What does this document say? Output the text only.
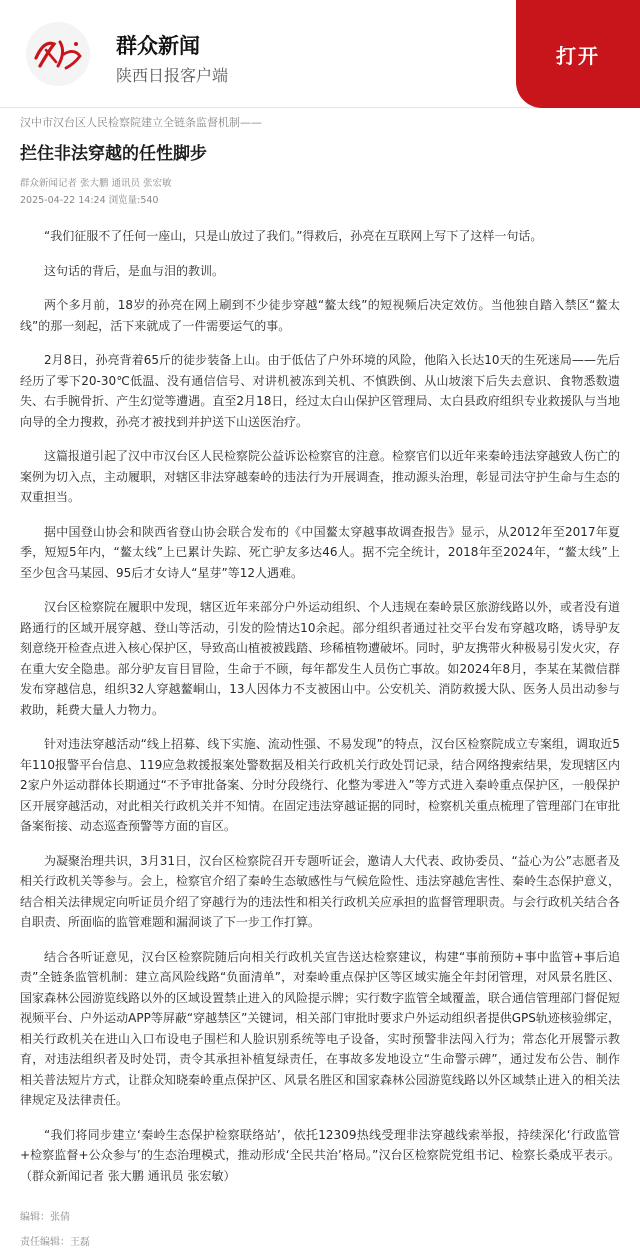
群众新闻
陕西日报客户端
打开
汉中市汉台区人民检察院建立全链条监督机制——
拦住非法穿越的任性脚步
群众新闻记者 张大鹏 通讯员 张宏敏
2025-04-22 14:24 浏览量:540
“我们征服不了任何一座山，只是山放过了我们。”得救后，孙亮在互联网上写下了这样一句话。
这句话的背后，是血与泪的教训。
两个多月前，18岁的孙亮在网上刷到不少徒步穿越“鳌太线”的短视频后决定效仿。当他独自踏入禁区“鳌太线”的那一刻起，活下来就成了一件需要运气的事。
2月8日，孙亮背着65斤的徒步装备上山。由于低估了户外环境的风险，他陷入长达10天的生死迷局——先后经历了零下20-30℃低温、没有通信信号、对讲机被冻到关机、不慎跌倒、从山坡滚下后失去意识、食物悉数遗失、右手腕骨折、产生幻觉等遭遇。直至2月18日，经过太白山保护区管理局、太白县政府组织专业救援队与当地向导的全力搜救，孙亮才被找到并护送下山送医治疗。
这篇报道引起了汉中市汉台区人民检察院公益诉讼检察官的注意。检察官们以近年来秦岭违法穿越致人伤亡的案例为切入点，主动履职，对辖区非法穿越秦岭的违法行为开展调查，推动源头治理，彰显司法守护生命与生态的双重担当。
据中国登山协会和陕西省登山协会联合发布的《中国鳌太穿越事故调查报告》显示，从2012年至2017年夏季，短短5年内，“鳌太线”上已累计失踪、死亡驴友多达46人。据不完全统计，2018年至2024年，“鳌太线”上至少包含马某园、95后才女诗人“星芽”等12人遇难。
汉台区检察院在履职中发现，辖区近年来部分户外运动组织、个人违规在秦岭景区旅游线路以外，或者没有道路通行的区域开展穿越、登山等活动，引发的险情达10余起。部分组织者通过社交平台发布穿越攻略，诱导驴友刻意绕开检查点进入核心保护区，导致高山植被被践踏、珍稀植物遭破坏。同时，驴友携带火种极易引发火灾，存在重大安全隐患。部分驴友盲目冒险，生命于不顾，每年都发生人员伤亡事故。如2024年8月，李某在某微信群发布穿越信息，组织32人穿越鳌峒山，13人因体力不支被困山中。公安机关、消防救援大队、医务人员出动参与救助，耗费大量人力物力。
针对违法穿越活动“线上招募、线下实施、流动性强、不易发现”的特点，汉台区检察院成立专案组，调取近5年110报警平台信息、119应急救援报案处警数据及相关行政机关行政处罚记录，结合网络搜索结果，发现辖区内2家户外运动群体长期通过“不予审批备案、分时分段绕行、化整为零进入”等方式进入秦岭重点保护区，一般保护区开展穿越活动，对此相关行政机关并不知情。在固定违法穿越证据的同时，检察机关重点梳理了管理部门在审批备案衔接、动态巡查预警等方面的盲区。
为凝聚治理共识，3月31日，汉台区检察院召开专题听证会，邀请人大代表、政协委员、“益心为公”志愿者及相关行政机关等参与。会上，检察官介绍了秦岭生态敏感性与气候危险性、违法穿越危害性、秦岭生态保护意义，结合相关法律规定向听证员介绍了穿越行为的违法性和相关行政机关应承担的监督管理职责。与会行政机关结合各自职责、所面临的监管难题和漏洞谈了下一步工作打算。
结合各听证意见，汉台区检察院随后向相关行政机关宣告送达检察建议，构建“事前预防+事中监管+事后追责”全链条监管机制：建立高风险线路“负面清单”，对秦岭重点保护区等区域实施全年封闭管理，对风景名胜区、国家森林公园游览线路以外的区域设置禁止进入的风险提示牌；实行数字监管全域覆盖，联合通信管理部门督促短视频平台、户外运动APP等屏蔽“穿越禁区”关键词，相关部门审批时要求户外运动组织者提供GPS轨迹核验绑定，相关行政机关在进山入口布设电子围栏和人脸识别系统等电子设备，实时预警非法闯入行为；常态化开展警示教育，对违法组织者及时处罚，责令其承担补植复绿责任，在事故多发地设立“生命警示碑”，通过发布公告、制作相关普法短片方式，让群众知晓秦岭重点保护区、风景名胜区和国家森林公园游览线路以外区域禁止进入的相关法律规定及法律责任。
“我们将同步建立‘秦岭生态保护检察联络站’，依托12309热线受理非法穿越线索举报，持续深化‘行政监管+检察监督+公众参与’的生态治理模式，推动形成‘全民共治’格局。”汉台区检察院党组书记、检察长桑成平表示。（群众新闻记者 张大鹏 通讯员 张宏敏）
编辑：张倩
责任编辑：王磊
